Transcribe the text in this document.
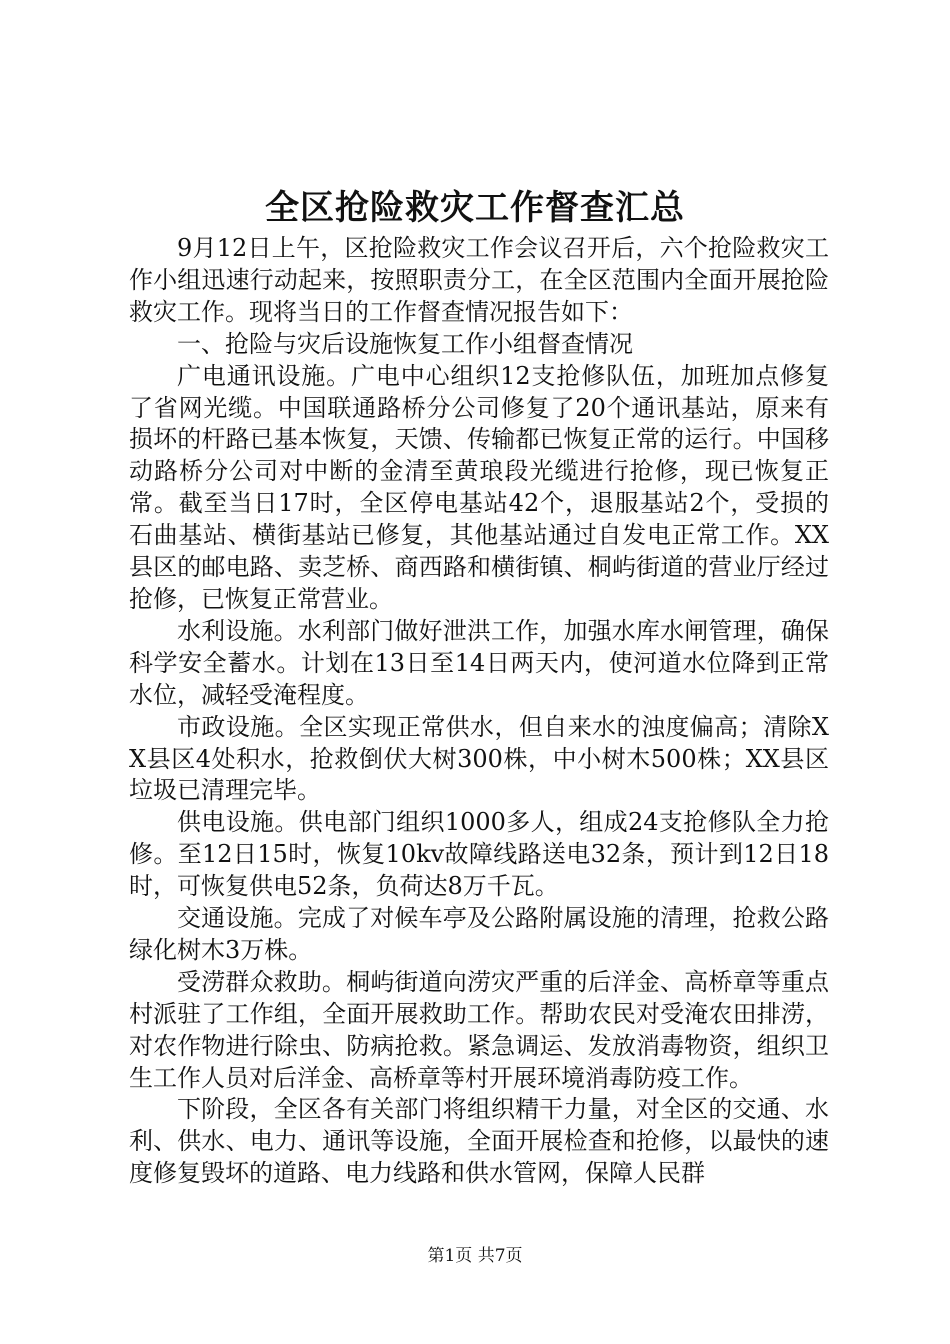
全区抢险救灾工作督查汇总

9月12日上午，区抢险救灾工作会议召开后，六个抢险救灾工作小组迅速行动起来，按照职责分工，在全区范围内全面开展抢险救灾工作。现将当日的工作督查情况报告如下：

一、抢险与灾后设施恢复工作小组督查情况

广电通讯设施。广电中心组织12支抢修队伍，加班加点修复了省网光缆。中国联通路桥分公司修复了20个通讯基站，原来有损坏的杆路已基本恢复，天馈、传输都已恢复正常的运行。中国移动路桥分公司对中断的金清至黄琅段光缆进行抢修，现已恢复正常。截至当日17时，全区停电基站42个，退服基站2个，受损的石曲基站、横街基站已修复，其他基站通过自发电正常工作。XX县区的邮电路、卖芝桥、商西路和横街镇、桐屿街道的营业厅经过抢修，已恢复正常营业。

水利设施。水利部门做好泄洪工作，加强水库水闸管理，确保科学安全蓄水。计划在13日至14日两天内，使河道水位降到正常水位，减轻受淹程度。

市政设施。全区实现正常供水，但自来水的浊度偏高；清除XX县区4处积水，抢救倒伏大树300株，中小树木500株；XX县区垃圾已清理完毕。

供电设施。供电部门组织1000多人，组成24支抢修队全力抢修。至12日15时，恢复10kv故障线路送电32条，预计到12日18时，可恢复供电52条，负荷达8万千瓦。

交通设施。完成了对候车亭及公路附属设施的清理，抢救公路绿化树木3万株。

受涝群众救助。桐屿街道向涝灾严重的后洋金、高桥章等重点村派驻了工作组，全面开展救助工作。帮助农民对受淹农田排涝，对农作物进行除虫、防病抢救。紧急调运、发放消毒物资，组织卫生工作人员对后洋金、高桥章等村开展环境消毒防疫工作。

下阶段，全区各有关部门将组织精干力量，对全区的交通、水利、供水、电力、通讯等设施，全面开展检查和抢修，以最快的速度修复毁坏的道路、电力线路和供水管网，保障人民群

第1页 共7页
